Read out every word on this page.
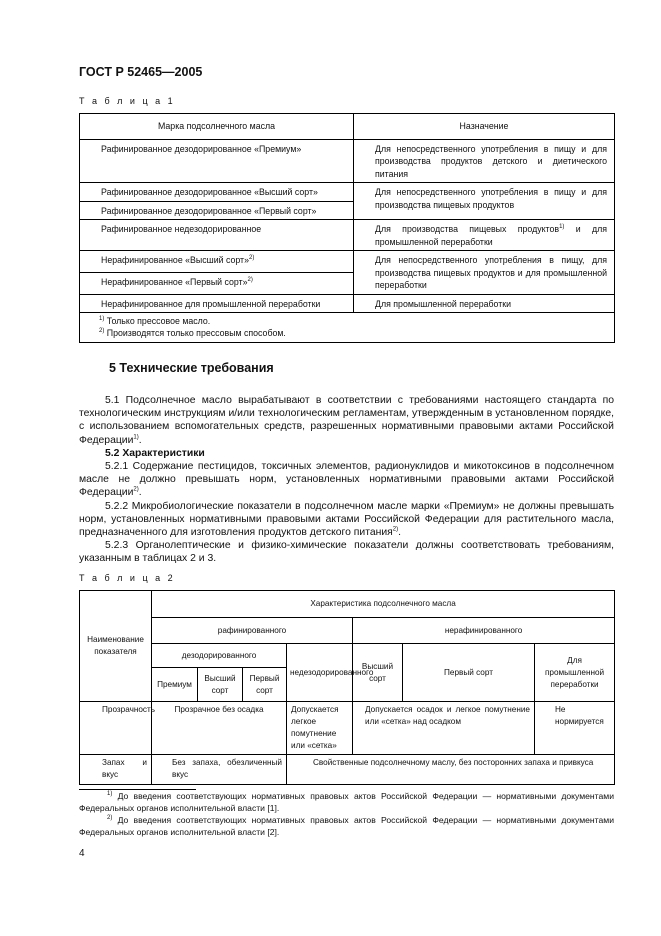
ГОСТ Р 52465—2005
Т а б л и ц а 1
Марка подсолнечного масла	Назначение
Рафинированное дезодорированное «Премиум»	Для непосредственного употребления в пищу и для производства продуктов детского и диетического питания
Рафинированное дезодорированное «Высший сорт»	Для непосредственного употребления в пищу и для производства пищевых продуктов
Рафинированное дезодорированное «Первый сорт»	
Рафинированное недезодорированное	Для производства пищевых продуктов$^{1)}$ и для промышленной переработки
Нерафинированное «Высший сорт»$^{2)}$	Для непосредственного употребления в пищу, для производства пищевых продуктов и для промышленной переработки
Нерафинированное «Первый сорт»$^{2)}$
Нерафинированное для промышленной переработки	Для промышленной переработки

$^{1)}$ Только прессовое масло.
$^{2)}$ Производятся только прессовым способом.	
5 Технические требования

5.1 Подсолнечное масло вырабатывают в соответствии с требованиями настоящего стандарта по технологическим инструкциям и/или технологическим регламентам, утвержденным в установленном порядке, с использованием вспомогательных средств, разрешенных нормативными правовыми актами Российской Федерации$^{1)}$.

5.2 Характеристики

5.2.1 Содержание пестицидов, токсичных элементов, радионуклидов и микотоксинов в подсолнечном масле не должно превышать норм, установленных нормативными правовыми актами Российской Федерации$^{2)}$.

5.2.2 Микробиологические показатели в подсолнечном масле марки «Премиум» не должны превышать норм, установленных нормативными правовыми актами Российской Федерации для растительного масла, предназначенного для изготовления продуктов детского питания$^{2)}$.

5.2.3 Органолептические и физико-химические показатели должны соответствовать требованиям, указанным в таблицах 2 и 3.

Т а б л и ц а 2
Наименование показателя	Характеристика подсолнечного масла						
	рафинированного				нерафинированного		
	дезодорированного			недезодорированного	Высший сорт	Первый сорт	Для промышленной переработки
	Премиум	Высший сорт	Первый сорт				
Прозрачность	Прозрачное без осадка			Допускается легкое помутнение или «сетка»	Допускается осадок и легкое помутнение или «сетка» над осадком		Не нормируется
Запах и вкус	Без запаха, обезличенный вкус			Свойственные подсолнечному маслу, без посторонних запаха и привкуса			

$^{1)}$ До введения соответствующих нормативных правовых актов Российской Федерации — нормативными документами Федеральных органов исполнительной власти [1].

$^{2)}$ До введения соответствующих нормативных правовых актов Российской Федерации — нормативными документами Федеральных органов исполнительной власти [2].

4
